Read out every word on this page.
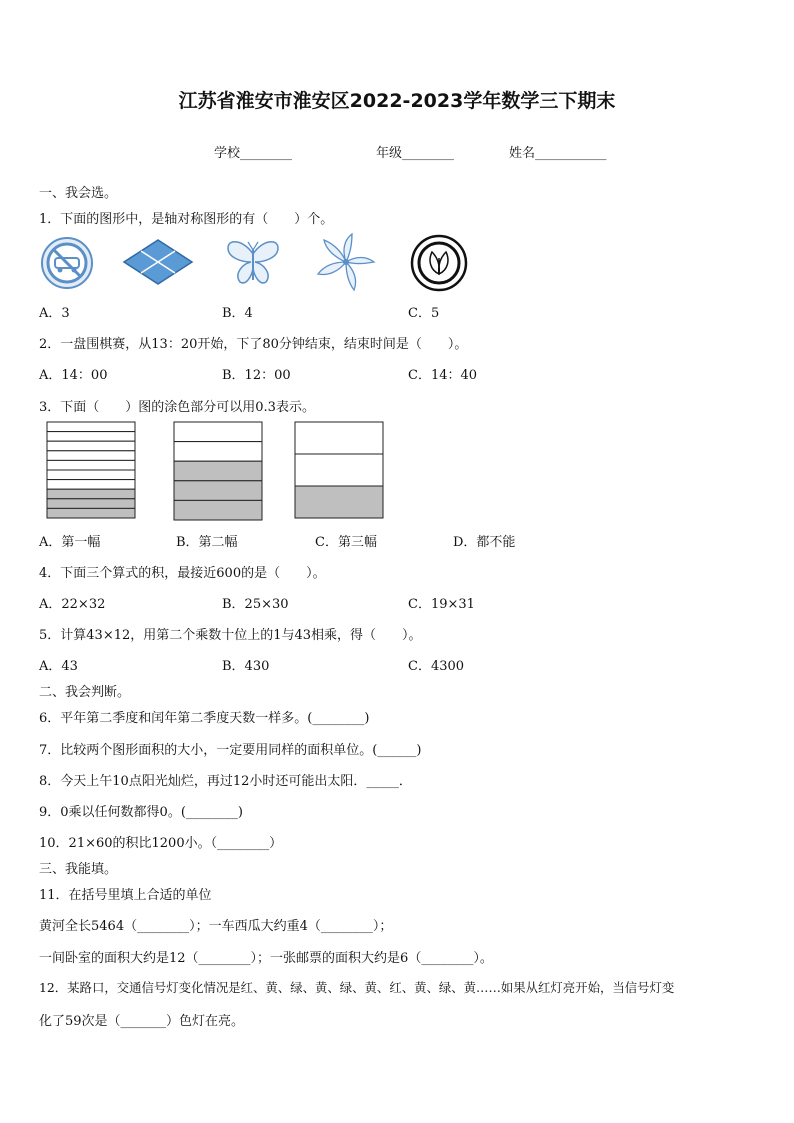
江苏省淮安市淮安区2022-2023学年数学三下期末
学校________	年级________	姓名___________
一、我会选。
1．下面的图形中，是轴对称图形的有（　　）个。
A．3	B．4	C．5
2．一盘围棋赛，从13：20开始，下了80分钟结束，结束时间是（　　）。
A．14：00	B．12：00	C．14：40
3．下面（　　）图的涂色部分可以用0.3表示。
A．第一幅	B．第二幅	C．第三幅	D．都不能
4．下面三个算式的积，最接近600的是（　　）。
A．22×32	B．25×30	C．19×31
5．计算43×12，用第二个乘数十位上的1与43相乘，得（　　）。
A．43	B．430	C．4300
二、我会判断。
6．平年第二季度和闰年第二季度天数一样多。(________)
7．比较两个图形面积的大小，一定要用同样的面积单位。(______)
8．今天上午10点阳光灿烂，再过12小时还可能出太阳．_____．
9．0乘以任何数都得0。(________)
10．21×60的积比1200小。（________）
三、我能填。
11．在括号里填上合适的单位
黄河全长5464（________）；一车西瓜大约重4（________）；
一间卧室的面积大约是12（________）；一张邮票的面积大约是6（________）。
12．某路口，交通信号灯变化情况是红、黄、绿、黄、绿、黄、红、黄、绿、黄……如果从红灯亮开始，当信号灯变
化了59次是（_______）色灯在亮。
